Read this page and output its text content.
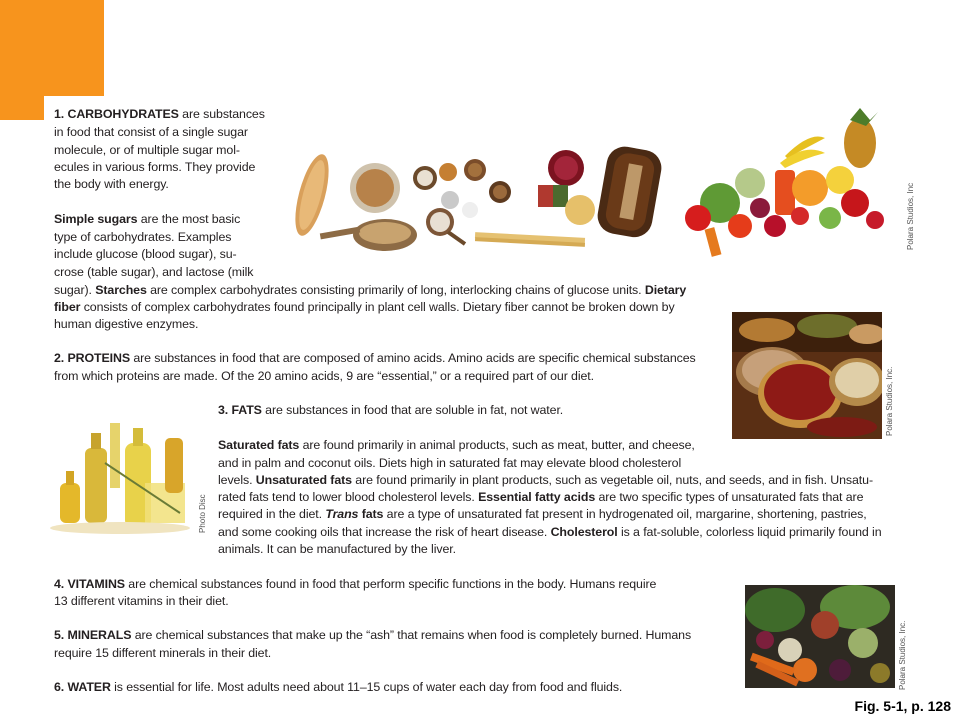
1. CARBOHYDRATES are substances
in food that consist of a single sugar
molecule, or of multiple sugar mol-
ecules in various forms. They provide
the body with energy.
Simple sugars are the most basic
type of carbohydrates. Examples
include glucose (blood sugar), su-
crose (table sugar), and lactose (milk
sugar). Starches are complex carbohydrates consisting primarily of long, interlocking chains of glucose units. Dietary
fiber consists of complex carbohydrates found principally in plant cell walls. Dietary fiber cannot be broken down by
human digestive enzymes.
2. PROTEINS are substances in food that are composed of amino acids. Amino acids are specific chemical substances
from which proteins are made. Of the 20 amino acids, 9 are “essential,” or a required part of our diet.
3. FATS are substances in food that are soluble in fat, not water.
Saturated fats are found primarily in animal products, such as meat, butter, and cheese,
and in palm and coconut oils. Diets high in saturated fat may elevate blood cholesterol
levels. Unsaturated fats are found primarily in plant products, such as vegetable oil, nuts, and seeds, and in fish. Unsatu-
rated fats tend to lower blood cholesterol levels. Essential fatty acids are two specific types of unsaturated fats that are
required in the diet. Trans fats are a type of unsaturated fat present in hydrogenated oil, margarine, shortening, pastries,
and some cooking oils that increase the risk of heart disease. Cholesterol is a fat-soluble, colorless liquid primarily found in
animals. It can be manufactured by the liver.
4. VITAMINS are chemical substances found in food that perform specific functions in the body. Humans require
13 different vitamins in their diet.
5. MINERALS are chemical substances that make up the “ash” that remains when food is completely burned. Humans
require 15 different minerals in their diet.
6. WATER is essential for life. Most adults need about 11–15 cups of water each day from food and fluids.
Polara Studios, Inc
Polara Studios, Inc.
Photo Disc
Polara Studios, Inc.
Fig. 5-1, p. 128
